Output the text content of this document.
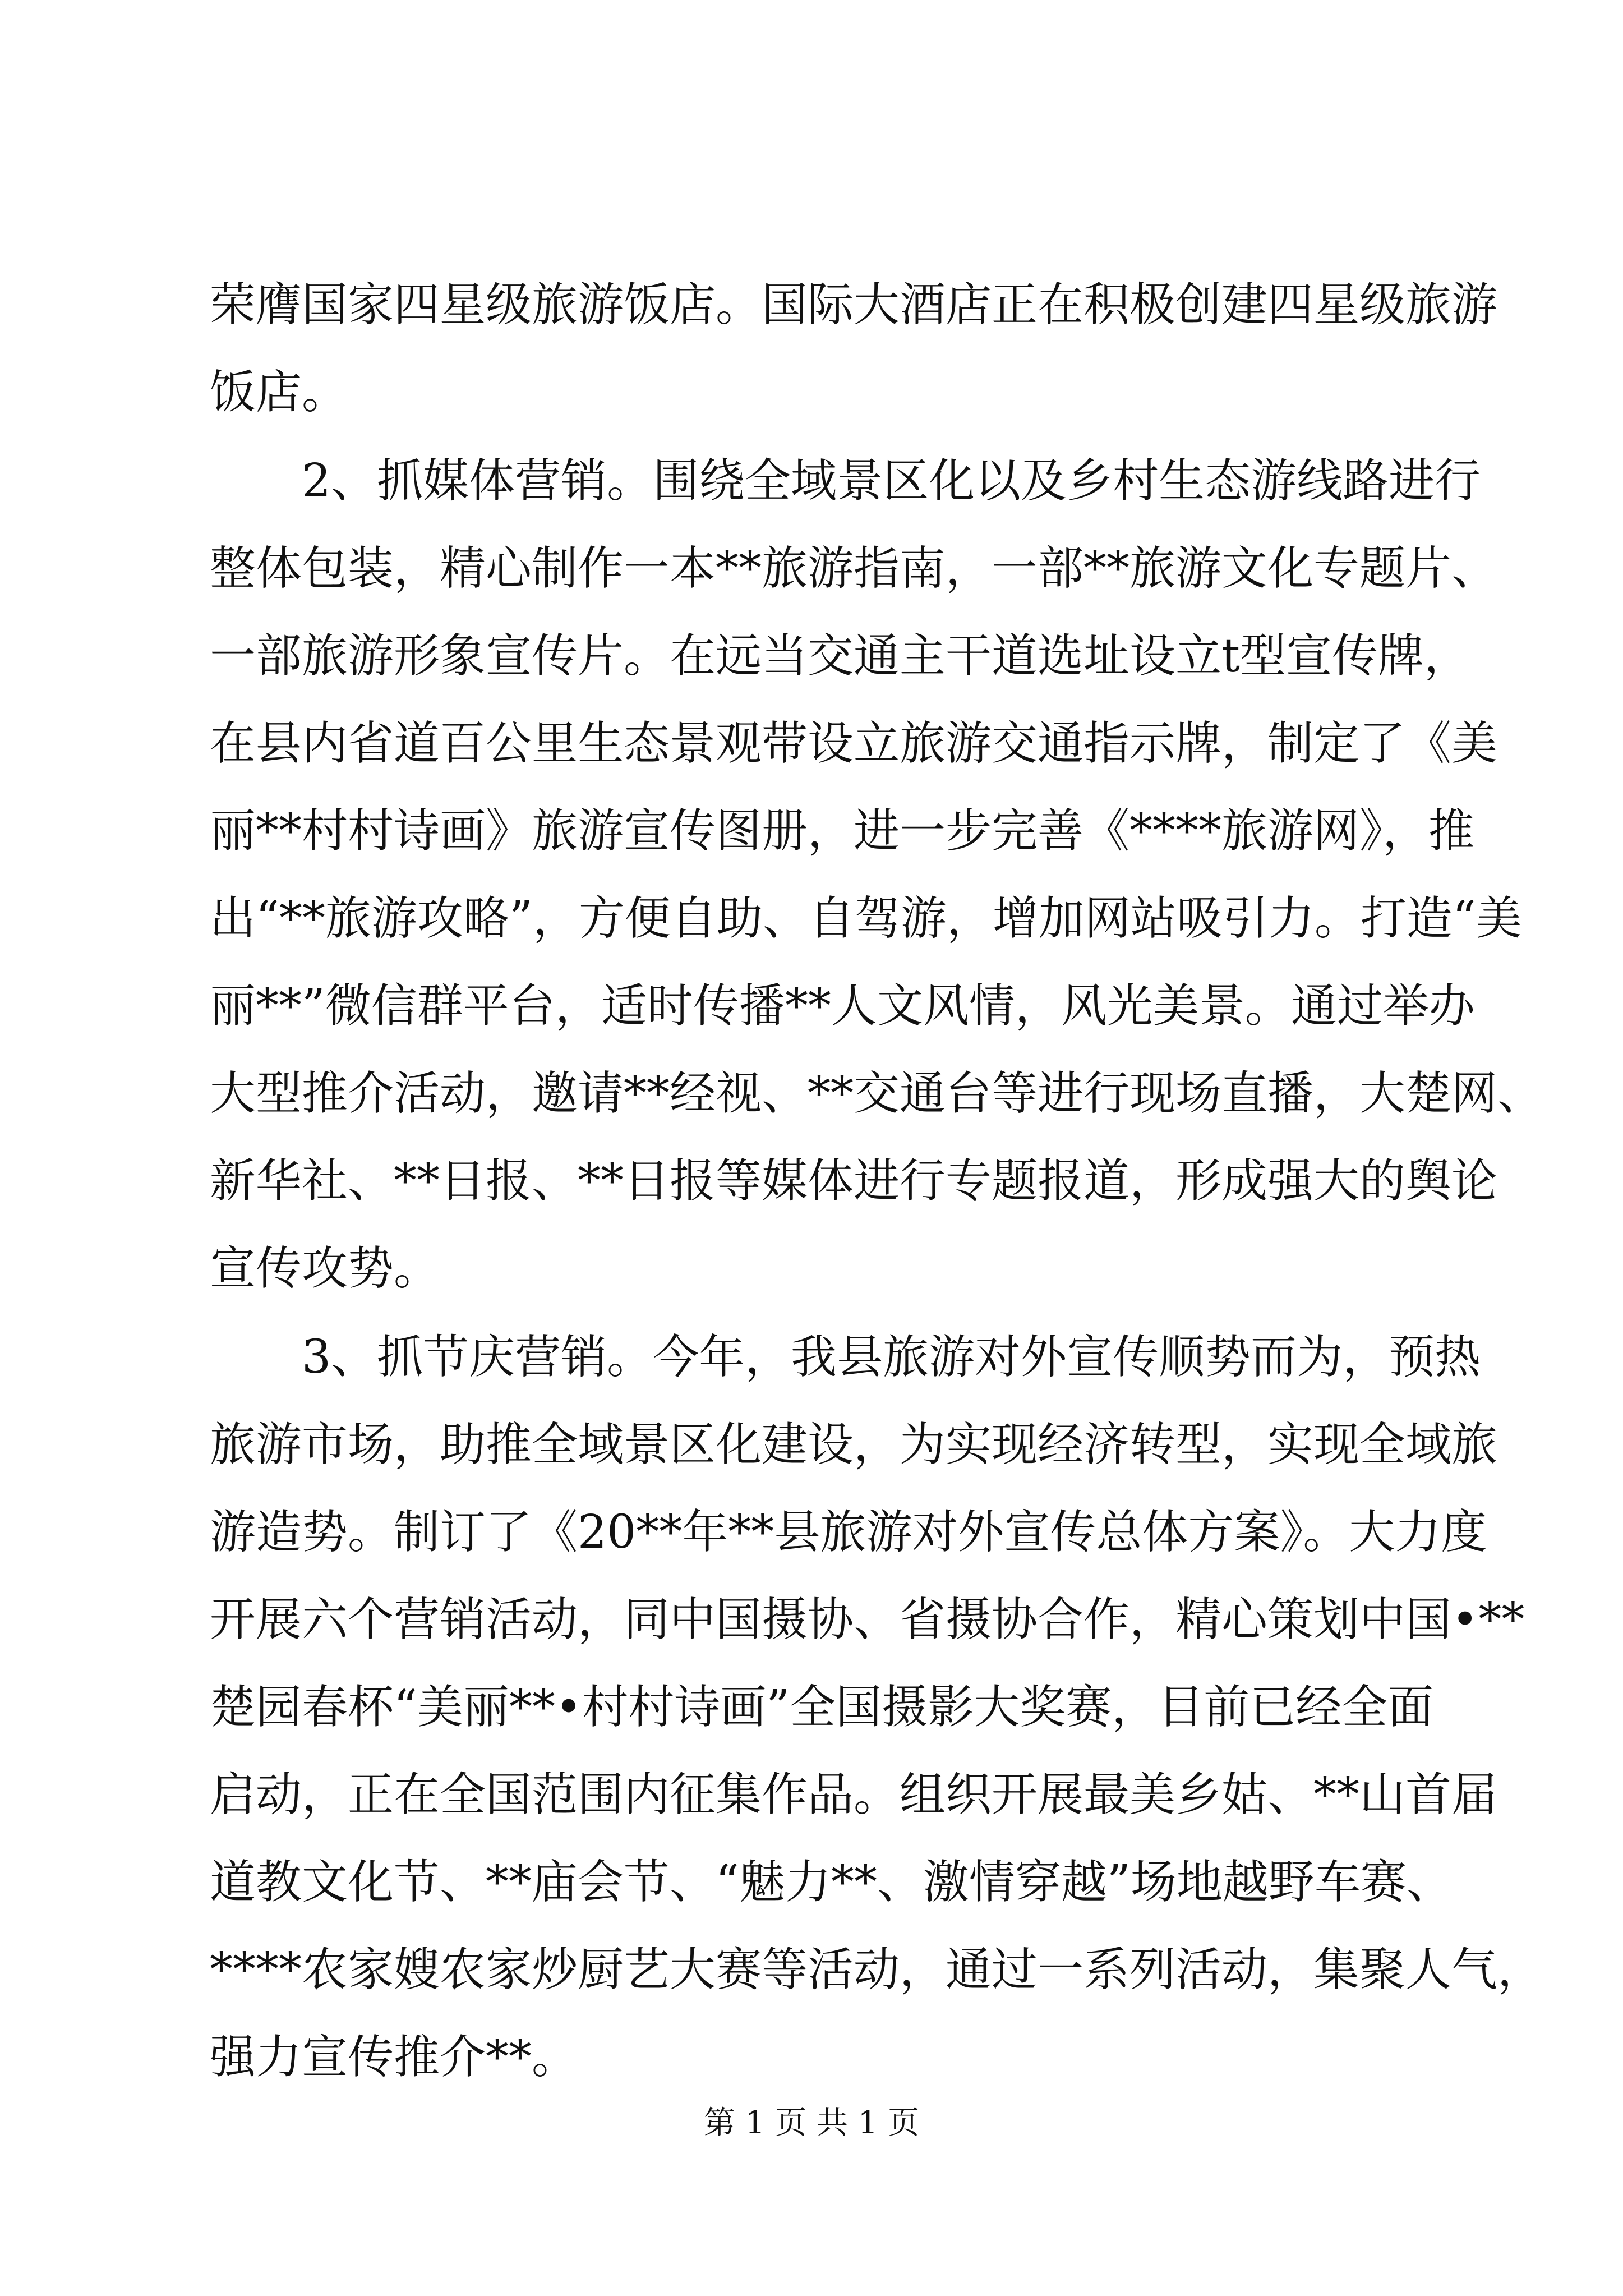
荣膺国家四星级旅游饭店。国际大酒店正在积极创建四星级旅游
饭店。
2、抓媒体营销。围绕全域景区化以及乡村生态游线路进行
整体包装，精心制作一本**旅游指南，一部**旅游文化专题片、
一部旅游形象宣传片。在远当交通主干道选址设立t型宣传牌，
在县内省道百公里生态景观带设立旅游交通指示牌，制定了《美
丽**村村诗画》旅游宣传图册，进一步完善《****旅游网》，推
出“**旅游攻略”，方便自助、自驾游，增加网站吸引力。打造“美
丽**”微信群平台，适时传播**人文风情，风光美景。通过举办
大型推介活动，邀请**经视、**交通台等进行现场直播，大楚网、
新华社、**日报、**日报等媒体进行专题报道，形成强大的舆论
宣传攻势。
3、抓节庆营销。今年，我县旅游对外宣传顺势而为，预热
旅游市场，助推全域景区化建设，为实现经济转型，实现全域旅
游造势。制订了《20**年**县旅游对外宣传总体方案》。大力度
开展六个营销活动，同中国摄协、省摄协合作，精心策划中国•**
楚园春杯“美丽**•村村诗画”全国摄影大奖赛，目前已经全面
启动，正在全国范围内征集作品。组织开展最美乡姑、**山首届
道教文化节、**庙会节、“魅力**、激情穿越”场地越野车赛、
****农家嫂农家炒厨艺大赛等活动，通过一系列活动，集聚人气，
强力宣传推介**。
第 1 页 共 1 页
